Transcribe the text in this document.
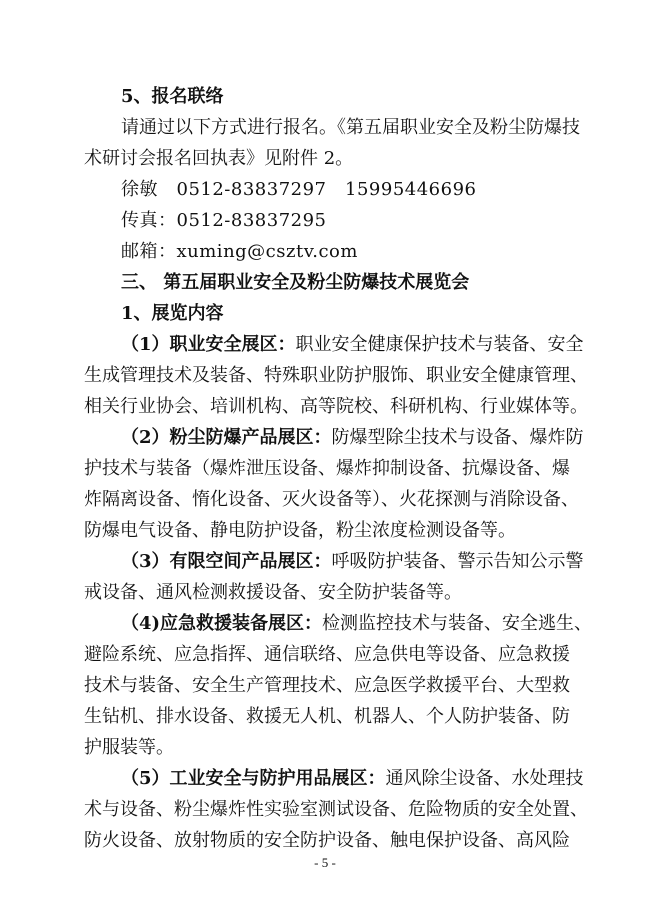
5、报名联络
请通过以下方式进行报名。《第五届职业安全及粉尘防爆技
术研讨会报名回执表》见附件 2。
徐敏　0512-83837297　15995446696
传真：0512-83837295
邮箱：xuming@csztv.com
三、 第五届职业安全及粉尘防爆技术展览会
1、展览内容
（1）职业安全展区：职业安全健康保护技术与装备、安全
生成管理技术及装备、特殊职业防护服饰、职业安全健康管理、
相关行业协会、培训机构、高等院校、科研机构、行业媒体等。
（2）粉尘防爆产品展区：防爆型除尘技术与设备、爆炸防
护技术与装备（爆炸泄压设备、爆炸抑制设备、抗爆设备、爆
炸隔离设备、惰化设备、灭火设备等）、火花探测与消除设备、
防爆电气设备、静电防护设备，粉尘浓度检测设备等。
（3）有限空间产品展区：呼吸防护装备、警示告知公示警
戒设备、通风检测救援设备、安全防护装备等。
（4)应急救援装备展区：检测监控技术与装备、安全逃生、
避险系统、应急指挥、通信联络、应急供电等设备、应急救援
技术与装备、安全生产管理技术、应急医学救援平台、大型救
生钻机、排水设备、救援无人机、机器人、个人防护装备、防
护服装等。
（5）工业安全与防护用品展区：通风除尘设备、水处理技
术与设备、粉尘爆炸性实验室测试设备、危险物质的安全处置、
防火设备、放射物质的安全防护设备、触电保护设备、高风险
- 5 -
